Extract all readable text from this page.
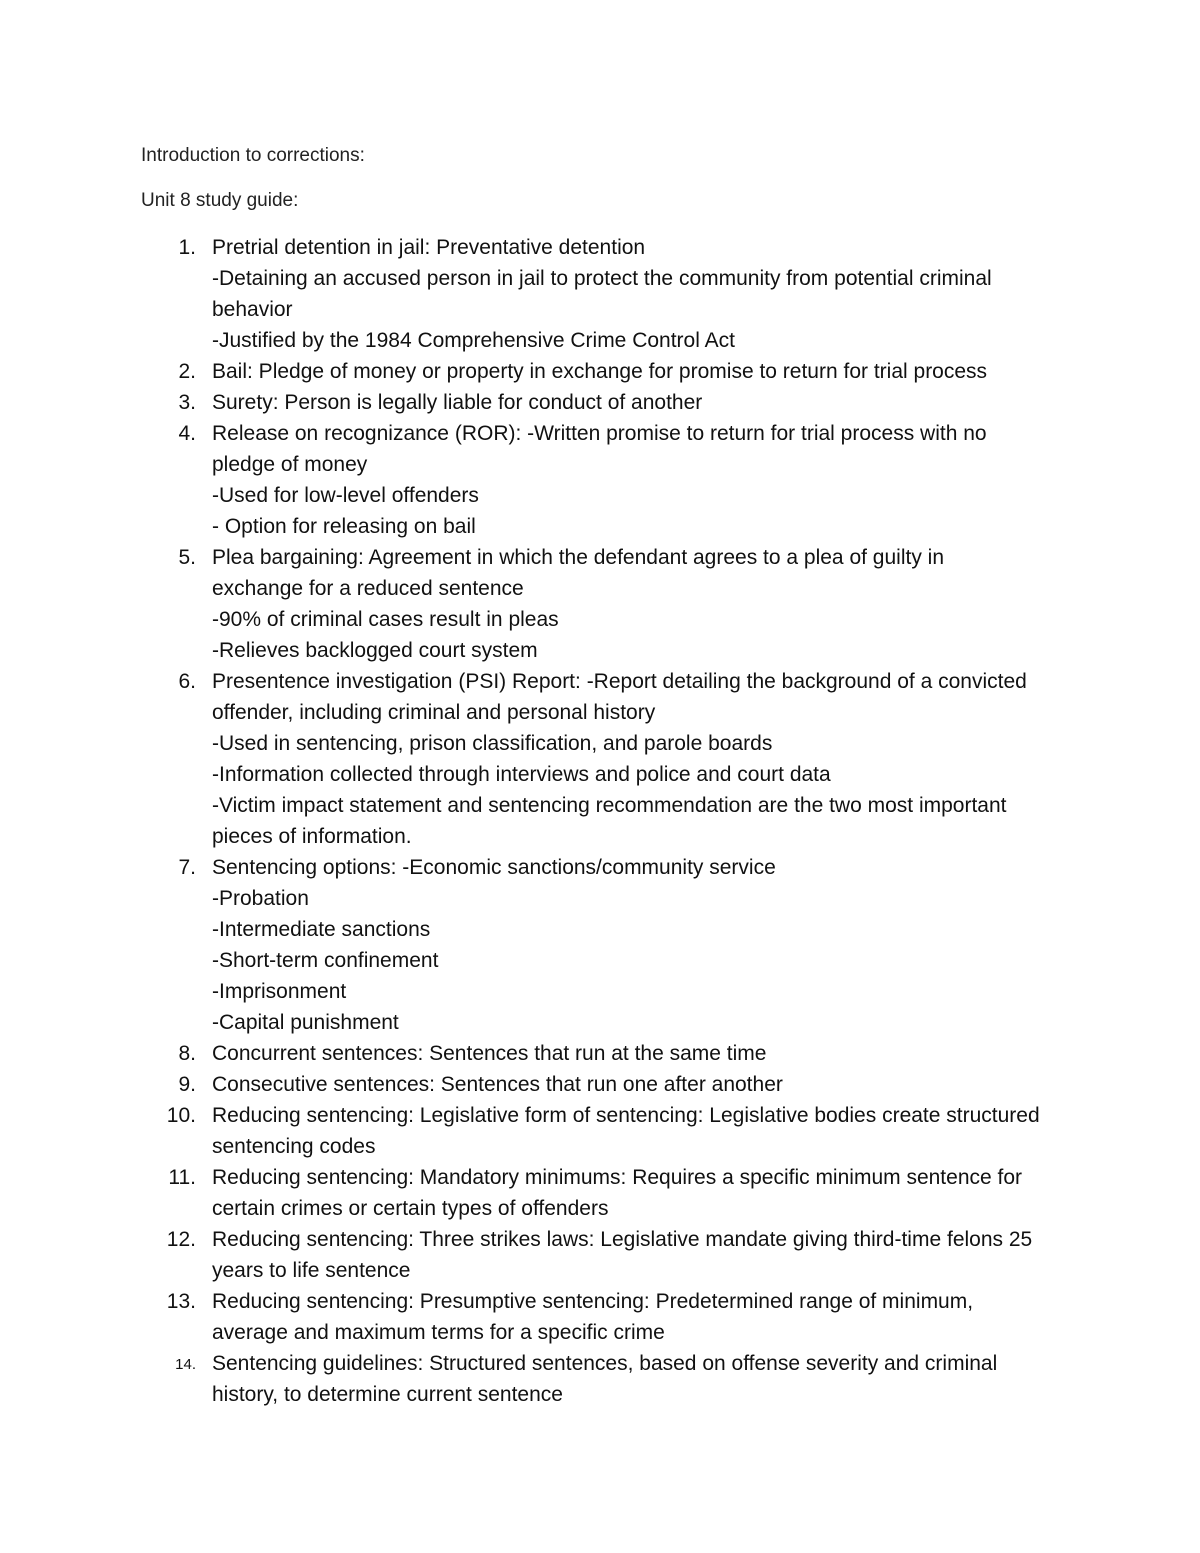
Introduction to corrections:
Unit 8 study guide:
1. Pretrial detention in jail: Preventative detention
-Detaining an accused person in jail to protect the community from potential criminal
behavior
-Justified by the 1984 Comprehensive Crime Control Act
2. Bail: Pledge of money or property in exchange for promise to return for trial process
3. Surety: Person is legally liable for conduct of another
4. Release on recognizance (ROR): -Written promise to return for trial process with no
pledge of money
-Used for low-level offenders
- Option for releasing on bail
5. Plea bargaining: Agreement in which the defendant agrees to a plea of guilty in
exchange for a reduced sentence
-90% of criminal cases result in pleas
-Relieves backlogged court system
6. Presentence investigation (PSI) Report: -Report detailing the background of a convicted
offender, including criminal and personal history
-Used in sentencing, prison classification, and parole boards
-Information collected through interviews and police and court data
-Victim impact statement and sentencing recommendation are the two most important
pieces of information.
7. Sentencing options: -Economic sanctions/community service
-Probation
-Intermediate sanctions
-Short-term confinement
-Imprisonment
-Capital punishment
8. Concurrent sentences: Sentences that run at the same time
9. Consecutive sentences: Sentences that run one after another
10. Reducing sentencing: Legislative form of sentencing: Legislative bodies create structured
sentencing codes
11. Reducing sentencing: Mandatory minimums: Requires a specific minimum sentence for
certain crimes or certain types of offenders
12. Reducing sentencing: Three strikes laws: Legislative mandate giving third-time felons 25
years to life sentence
13. Reducing sentencing: Presumptive sentencing: Predetermined range of minimum,
average and maximum terms for a specific crime
14. Sentencing guidelines: Structured sentences, based on offense severity and criminal
history, to determine current sentence
